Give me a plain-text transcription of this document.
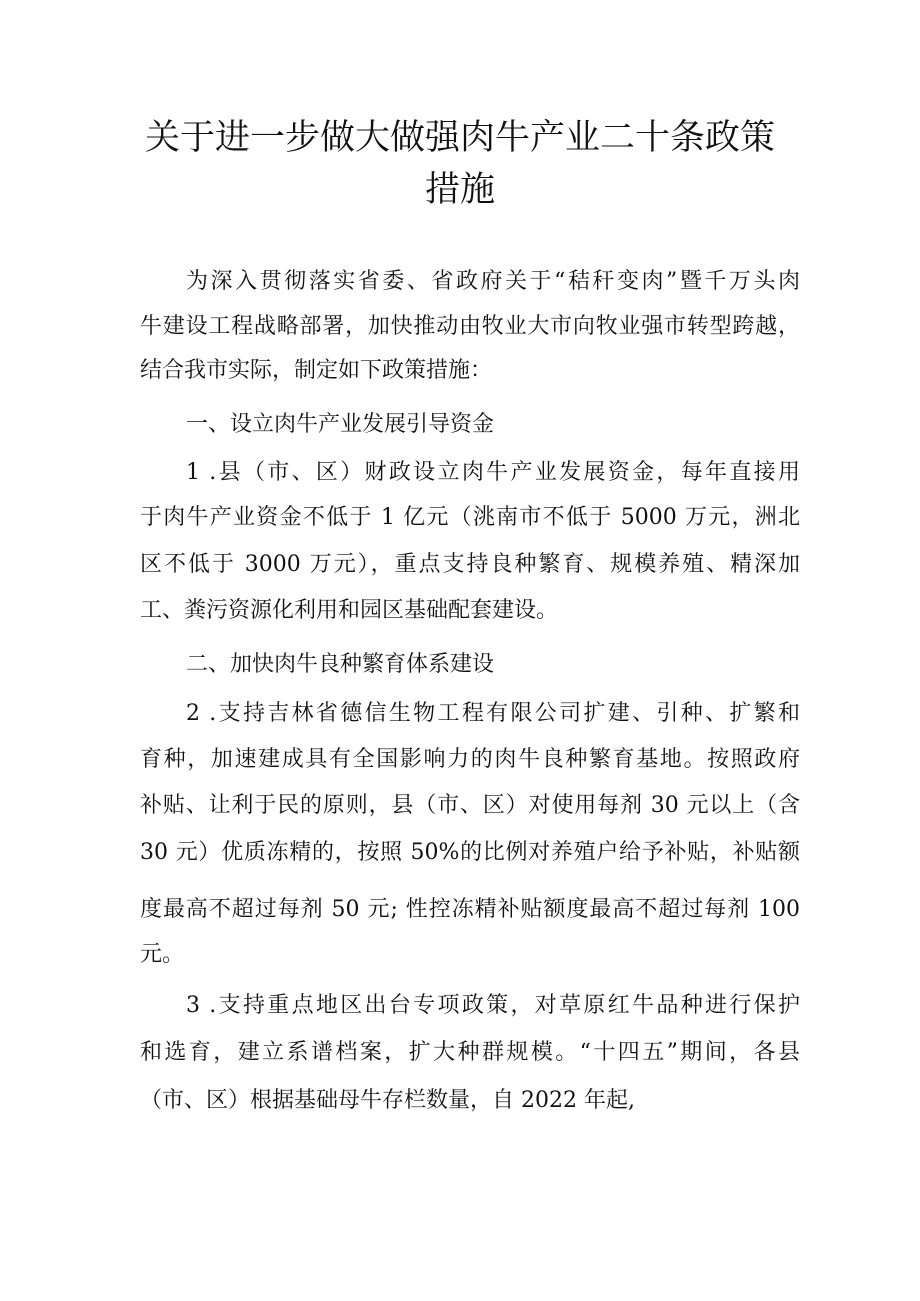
关于进一步做大做强肉牛产业二十条政策
措施
为深入贯彻落实省委、省政府关于“秸秆变肉”暨千万头肉
牛建设工程战略部署，加快推动由牧业大市向牧业强市转型跨越，
结合我市实际，制定如下政策措施：
一、设立肉牛产业发展引导资金
1 .县（市、区）财政设立肉牛产业发展资金，每年直接用
于肉牛产业资金不低于 1 亿元（洮南市不低于 5000 万元，洲北
区不低于 3000 万元），重点支持良种繁育、规模养殖、精深加
工、粪污资源化利用和园区基础配套建设。
二、加快肉牛良种繁育体系建设
2 .支持吉林省德信生物工程有限公司扩建、引种、扩繁和
育种，加速建成具有全国影响力的肉牛良种繁育基地。按照政府
补贴、让利于民的原则，县（市、区）对使用每剂 30 元以上（含
30 元）优质冻精的，按照 50%的比例对养殖户给予补贴，补贴额
度最高不超过每剂 50 元; 性控冻精补贴额度最高不超过每剂 100
元。
3 .支持重点地区出台专项政策，对草原红牛品种进行保护
和选育，建立系谱档案，扩大种群规模。“十四五”期间，各县
（市、区）根据基础母牛存栏数量，自 2022 年起,
